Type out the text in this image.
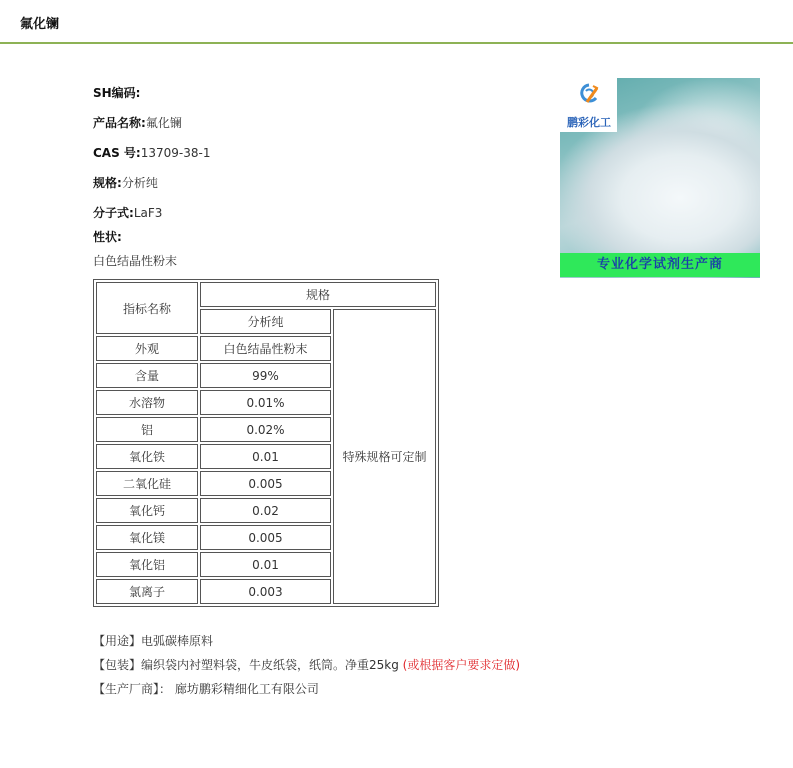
氟化镧
SH编码:
产品名称:氟化镧
CAS 号:13709-38-1
规格:分析纯
分子式:LaF3
性状:
白色结晶性粉末
指标名称	规格	
	分析纯	特殊规格可定制
外观	白色结晶性粉末	
含量	99%	
水溶物	0.01%	
铝	0.02%	
氧化铁	0.01	
二氧化硅	0.005	
氧化钙	0.02	
氧化镁	0.005	
氧化铝	0.01	
氯离子	0.003	
鹏彩化工
专业化学试剂生产商
【用途】电弧碳棒原料
【包装】编织袋内衬塑料袋，牛皮纸袋，纸筒。净重25kg (或根据客户要求定做)
【生产厂商】： 廊坊鹏彩精细化工有限公司
